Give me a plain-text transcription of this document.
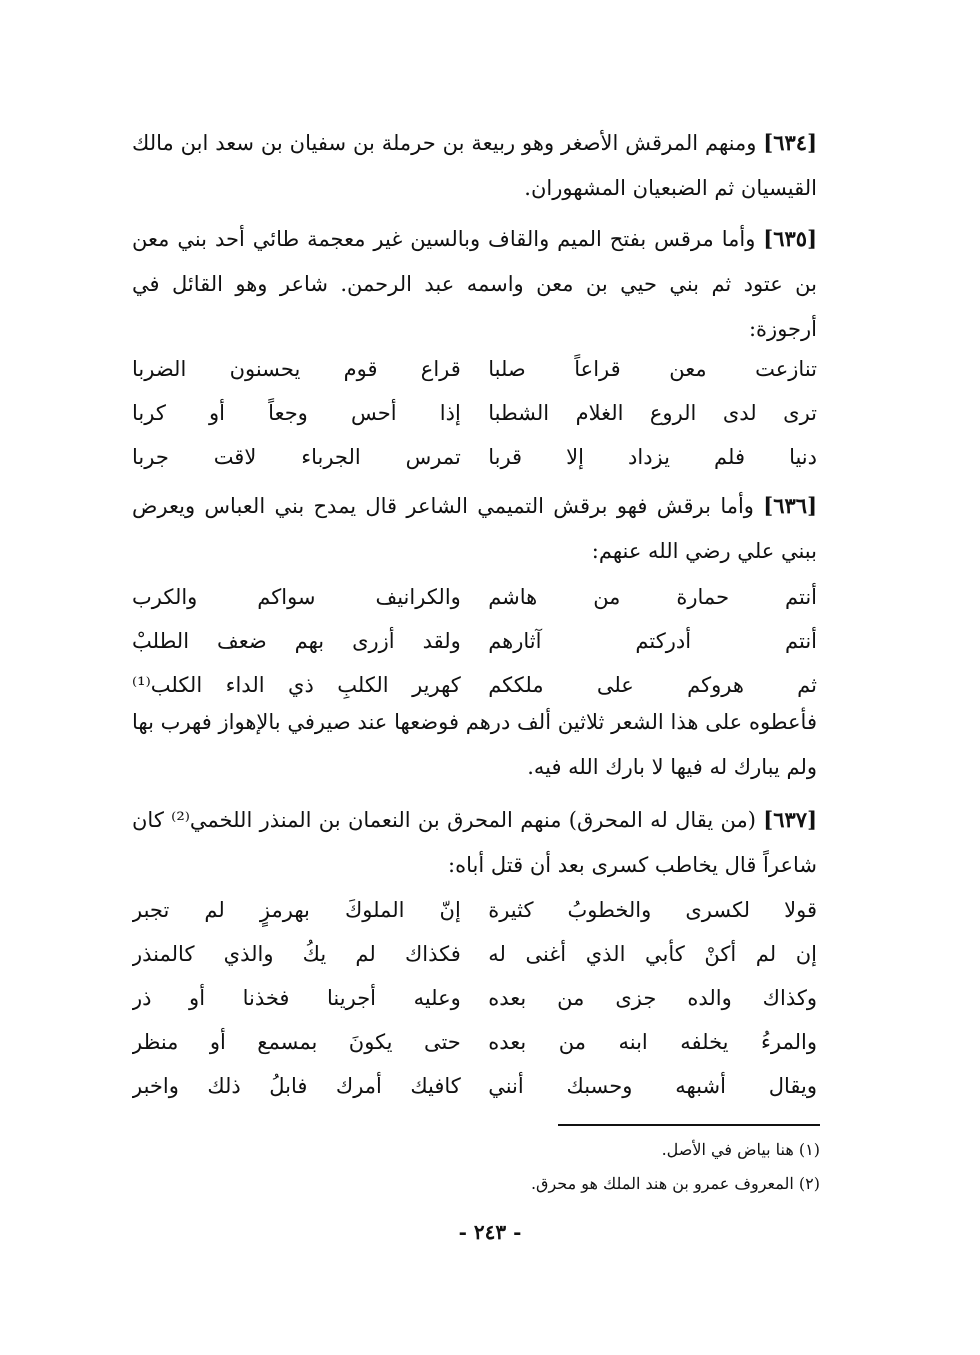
[٦٣٤] ومنهم المرقش الأصغر وهو ربيعة بن حرملة بن سفيان بن سعد ابن مالك القيسيان ثم الضبعيان المشهوران.

[٦٣٥] وأما مرقس بفتح الميم والقاف وبالسين غير معجمة طائي أحد بني معن بن عتود ثم بني حيي بن معن واسمه عبد الرحمن. شاعر وهو القائل في أرجوزة:

تنازعت معن قراعاً صلبا
قراع قوم يحسنون الضربا
ترى لدى الروع الغلام الشطبا
إذا أحس وجعاً أو كربا
دنيا فلم يزداد إلا قربا
تمرس الجرباء لاقت جربا

[٦٣٦] وأما برقش فهو برقش التميمي الشاعر قال يمدح بني العباس ويعرض ببني علي رضي الله عنهم:

أنتم حمارة من هاشم
والكرانيف سواكم والكرب
أنتم أدركتم آثارهم
ولقد أزرى بهم ضعف الطلبْ
ثم هروكم على ملككم
كهرير الكلبِ ذي الداء الكلب⁽¹⁾

فأعطوه على هذا الشعر ثلاثين ألف درهم فوضعها عند صيرفي بالإهواز فهرب بها ولم يبارك له فيها لا بارك الله فيه.

[٦٣٧] (من يقال له المحرق) منهم المحرق بن النعمان بن المنذر اللخمي⁽²⁾ كان شاعراً قال يخاطب كسرى بعد أن قتل أباه:

قولا لكسرى والخطوبُ كثيرة
إنّ الملوكَ بهرمزٍ لم تجبر
إن لم أكنْ كأبي الذي أغنى له
فكذاك لم يكُ والذي كالمنذر
وكذاك والده جزى من بعده
وعليه أجرينا فخذنا أو ذر
والمرءُ يخلفه ابنه من بعده
حتى يكونَ بمسمع أو منظر
ويقال أشبهه وحسبك أنني
كافيك أمرك فابلُ ذلك واخبر
(١) هنا بياض في الأصل.
(٢) المعروف عمرو بن هند الملك هو محرق.
- ٢٤٣ -
